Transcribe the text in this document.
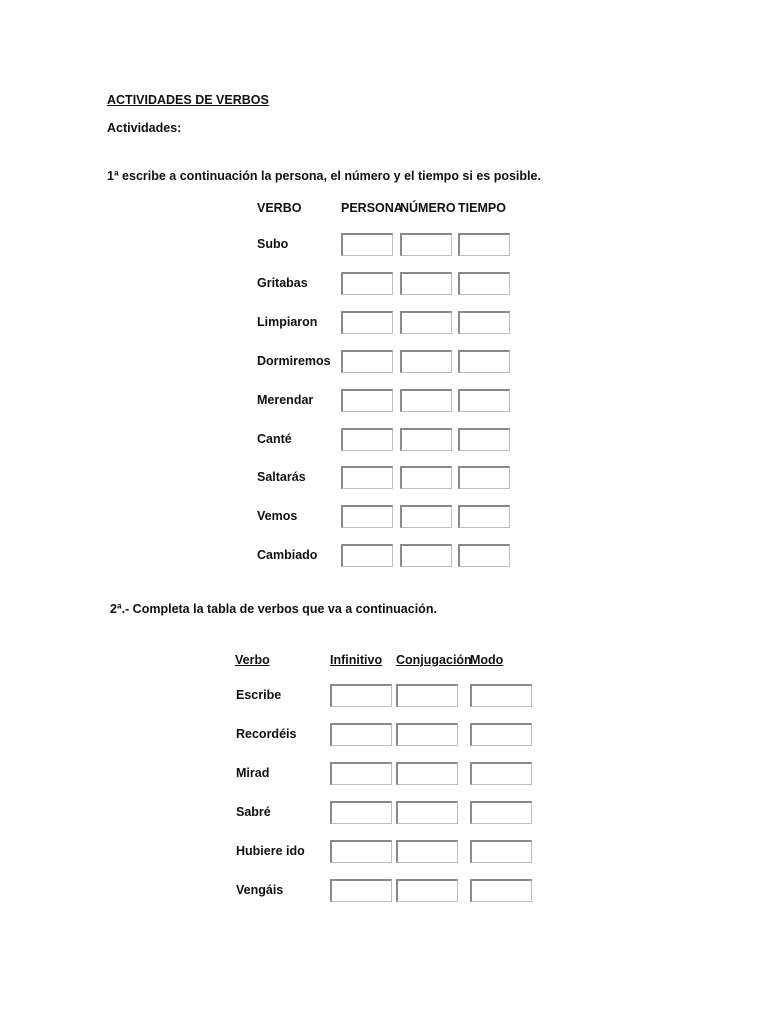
ACTIVIDADES DE VERBOS
Actividades:
1ª escribe a continuación la persona, el número y el tiempo si es posible.
VERBO	PERSONA
NÚMERO TIEMPO
Subo
Gritabas
Limpiaron
Dormiremos
Merendar
Canté
Saltarás
Vemos
Cambiado
2ª.- Completa la tabla de verbos que va a continuación.
Verbo	Infinitivo Conjugación
Modo
Escribe
Recordéis
Mirad
Sabré
Hubiere ido
Vengáis
